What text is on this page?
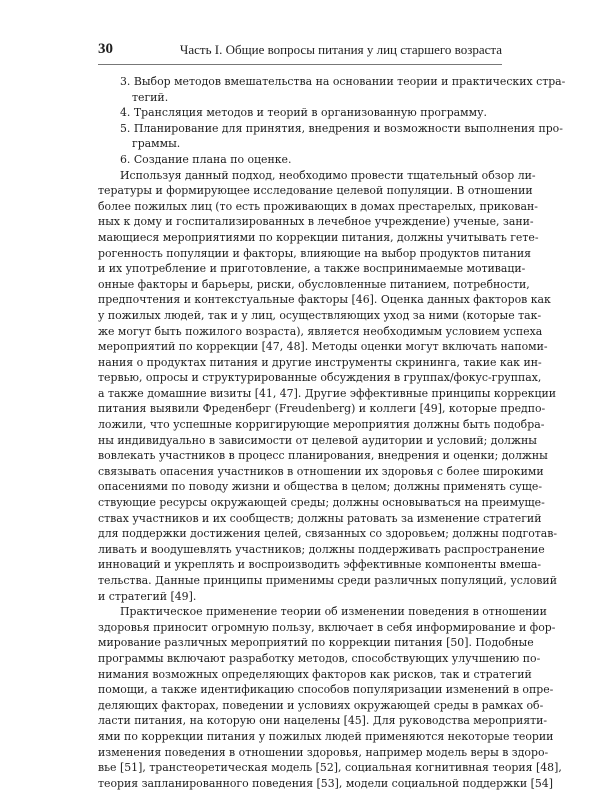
30	Часть I. Общие вопросы питания у лиц старшего возраста
3. Выбор методов вмешательства на основании теории и практических стра-
тегий.
4. Трансляция методов и теорий в организованную программу.
5. Планирование для принятия, внедрения и возможности выполнения про-
граммы.
6. Создание плана по оценке.
Используя данный подход, необходимо провести тщательный обзор ли-
тературы и формирующее исследование целевой популяции. В отношении
более пожилых лиц (то есть проживающих в домах престарелых, прикован-
ных к дому и госпитализированных в лечебное учреждение) ученые, зани-
мающиеся мероприятиями по коррекции питания, должны учитывать гете-
рогенность популяции и факторы, влияющие на выбор продуктов питания
и их употребление и приготовление, а также воспринимаемые мотиваци-
онные факторы и барьеры, риски, обусловленные питанием, потребности,
предпочтения и контекстуальные факторы [46]. Оценка данных факторов как
у пожилых людей, так и у лиц, осуществляющих уход за ними (которые так-
же могут быть пожилого возраста), является необходимым условием успеха
мероприятий по коррекции [47, 48]. Методы оценки могут включать напоми-
нания о продуктах питания и другие инструменты скрининга, такие как ин-
тервью, опросы и структурированные обсуждения в группах/фокус-группах,
а также домашние визиты [41, 47]. Другие эффективные принципы коррекции
питания выявили Фреденберг (Freudenberg) и коллеги [49], которые предпо-
ложили, что успешные корригирующие мероприятия должны быть подобра-
ны индивидуально в зависимости от целевой аудитории и условий; должны
вовлекать участников в процесс планирования, внедрения и оценки; должны
связывать опасения участников в отношении их здоровья с более широкими
опасениями по поводу жизни и общества в целом; должны применять суще-
ствующие ресурсы окружающей среды; должны основываться на преимуще-
ствах участников и их сообществ; должны ратовать за изменение стратегий
для поддержки достижения целей, связанных со здоровьем; должны подготав-
ливать и воодушевлять участников; должны поддерживать распространение
инноваций и укреплять и воспроизводить эффективные компоненты вмеша-
тельства. Данные принципы применимы среди различных популяций, условий
и стратегий [49].
Практическое применение теории об изменении поведения в отношении
здоровья приносит огромную пользу, включает в себя информирование и фор-
мирование различных мероприятий по коррекции питания [50]. Подобные
программы включают разработку методов, способствующих улучшению по-
нимания возможных определяющих факторов как рисков, так и стратегий
помощи, а также идентификацию способов популяризации изменений в опре-
деляющих факторах, поведении и условиях окружающей среды в рамках об-
ласти питания, на которую они нацелены [45]. Для руководства мероприяти-
ями по коррекции питания у пожилых людей применяются некоторые теории
изменения поведения в отношении здоровья, например модель веры в здоро-
вье [51], транстеоретическая модель [52], социальная когнитивная теория [48],
теория запланированного поведения [53], модели социальной поддержки [54]
